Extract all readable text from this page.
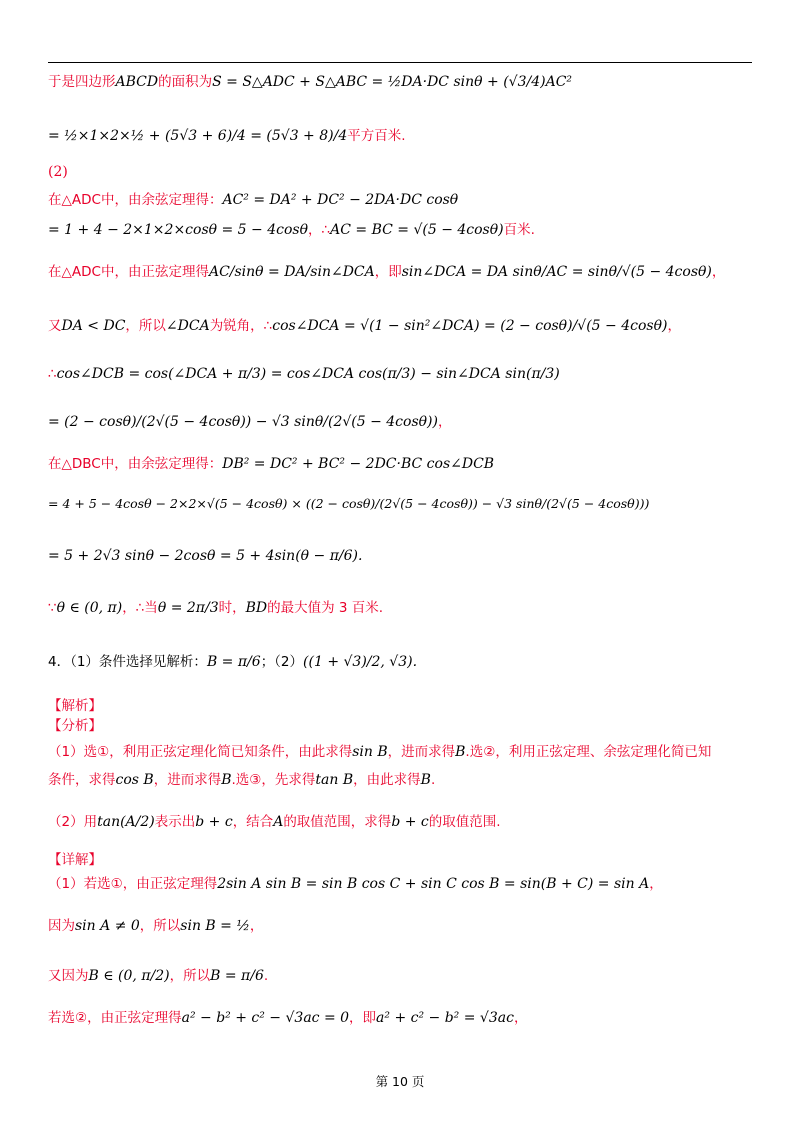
于是四边形ABCD的面积为S = S△ADC + S△ABC = ½DA·DC sinθ + (√3/4)AC²
= ½×1×2×½ + (5√3 + 6)/4 = (5√3 + 8)/4平方百米.
(2)
在△ADC中，由余弦定理得：AC² = DA² + DC² − 2DA·DC cosθ
= 1 + 4 − 2×1×2×cosθ = 5 − 4cosθ，∴AC = BC = √(5 − 4cosθ)百米.
在△ADC中，由正弦定理得AC/sinθ = DA/sin∠DCA，即sin∠DCA = DA sinθ/AC = sinθ/√(5 − 4cosθ)，
又DA < DC，所以∠DCA为锐角，∴cos∠DCA = √(1 − sin²∠DCA) = (2 − cosθ)/√(5 − 4cosθ)，
∴cos∠DCB = cos(∠DCA + π/3) = cos∠DCA cos(π/3) − sin∠DCA sin(π/3)
= (2 − cosθ)/(2√(5 − 4cosθ)) − √3 sinθ/(2√(5 − 4cosθ))，
在△DBC中，由余弦定理得：DB² = DC² + BC² − 2DC·BC cos∠DCB
= 4 + 5 − 4cosθ − 2×2×√(5 − 4cosθ) × ((2 − cosθ)/(2√(5 − 4cosθ)) − √3 sinθ/(2√(5 − 4cosθ)))
= 5 + 2√3 sinθ − 2cosθ = 5 + 4sin(θ − π/6).
∵θ ∈ (0, π)，∴当θ = 2π/3时，BD的最大值为 3 百米.
4．（1）条件选择见解析：B = π/6；（2）((1 + √3)/2, √3).
【解析】
【分析】
（1）选①，利用正弦定理化简已知条件，由此求得sin B，进而求得B.选②，利用正弦定理、余弦定理化简已知
条件，求得cos B，进而求得B.选③，先求得tan B，由此求得B.
（2）用tan(A/2)表示出b + c，结合A的取值范围，求得b + c的取值范围.
【详解】
（1）若选①，由正弦定理得2sin A sin B = sin B cos C + sin C cos B = sin(B + C) = sin A，
因为sin A ≠ 0，所以sin B = ½，
又因为B ∈ (0, π/2)，所以B = π/6.
若选②，由正弦定理得a² − b² + c² − √3ac = 0，即a² + c² − b² = √3ac，
第 10 页
